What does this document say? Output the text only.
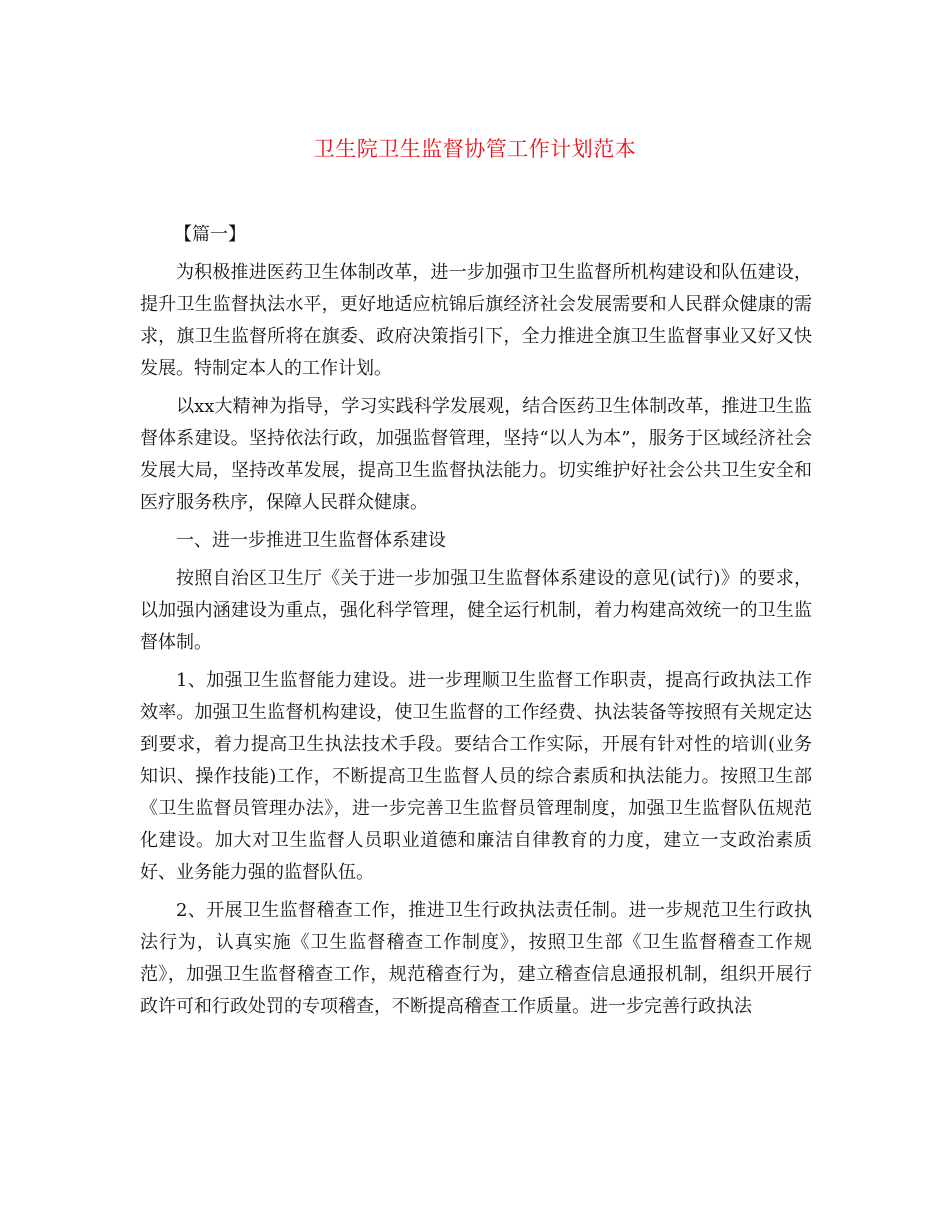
卫生院卫生监督协管工作计划范本

【篇一】

为积极推进医药卫生体制改革，进一步加强市卫生监督所机构建设和队伍建设，提升卫生监督执法水平，更好地适应杭锦后旗经济社会发展需要和人民群众健康的需求，旗卫生监督所将在旗委、政府决策指引下，全力推进全旗卫生监督事业又好又快发展。特制定本人的工作计划。

以xx大精神为指导，学习实践科学发展观，结合医药卫生体制改革，推进卫生监督体系建设。坚持依法行政，加强监督管理，坚持“以人为本”，服务于区域经济社会发展大局，坚持改革发展，提高卫生监督执法能力。切实维护好社会公共卫生安全和医疗服务秩序，保障人民群众健康。

一、进一步推进卫生监督体系建设

按照自治区卫生厅《关于进一步加强卫生监督体系建设的意见(试行)》的要求，以加强内涵建设为重点，强化科学管理，健全运行机制，着力构建高效统一的卫生监督体制。

1、加强卫生监督能力建设。进一步理顺卫生监督工作职责，提高行政执法工作效率。加强卫生监督机构建设，使卫生监督的工作经费、执法装备等按照有关规定达到要求，着力提高卫生执法技术手段。要结合工作实际，开展有针对性的培训(业务知识、操作技能)工作，不断提高卫生监督人员的综合素质和执法能力。按照卫生部《卫生监督员管理办法》，进一步完善卫生监督员管理制度，加强卫生监督队伍规范化建设。加大对卫生监督人员职业道德和廉洁自律教育的力度，建立一支政治素质好、业务能力强的监督队伍。

2、开展卫生监督稽查工作，推进卫生行政执法责任制。进一步规范卫生行政执法行为，认真实施《卫生监督稽查工作制度》，按照卫生部《卫生监督稽查工作规范》，加强卫生监督稽查工作，规范稽查行为，建立稽查信息通报机制，组织开展行政许可和行政处罚的专项稽查，不断提高稽查工作质量。进一步完善行政执法
